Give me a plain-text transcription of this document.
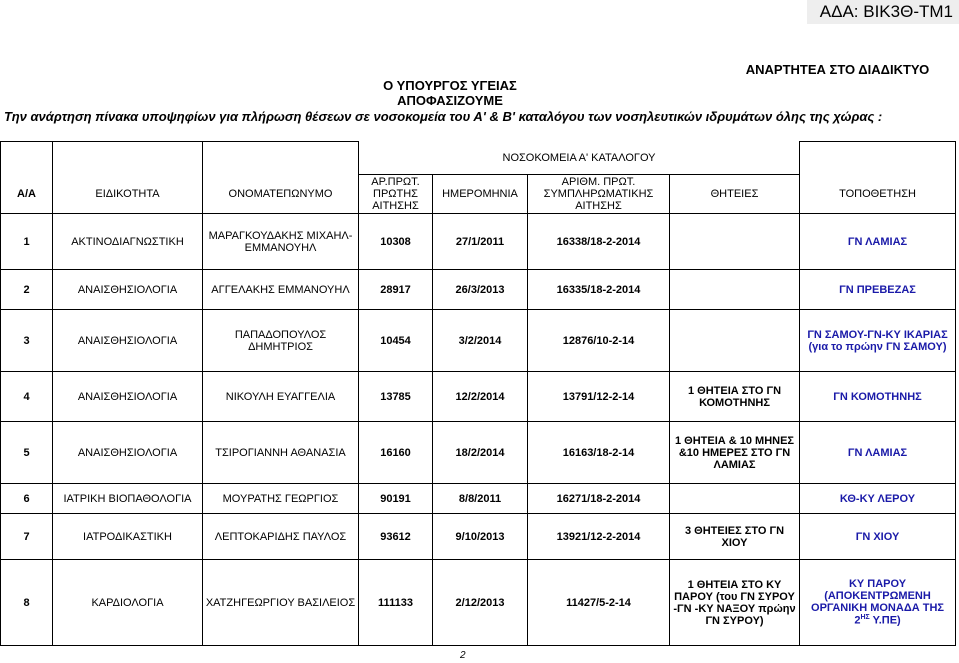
ΑΔΑ: ΒΙΚ3Θ-ΤΜ1
ΑΝΑΡΤΗΤΕΑ ΣΤΟ ΔΙΑΔΙΚΤΥΟ
Ο ΥΠΟΥΡΓΟΣ ΥΓΕΙΑΣ
ΑΠΟΦΑΣΙΖΟΥΜΕ
Την ανάρτηση πίνακα υποψηφίων για πλήρωση θέσεων σε νοσοκομεία του Α' & Β' καταλόγου των νοσηλευτικών ιδρυμάτων όλης της χώρας :
			ΝΟΣΟΚΟΜΕΙΑ Α' ΚΑΤΑΛΟΓΟΥ				
Α/Α	ΕΙΔΙΚΟΤΗΤΑ	ΟΝΟΜΑΤΕΠΩΝΥΜΟ	ΑΡ.ΠΡΩΤ. ΠΡΩΤΗΣ ΑΙΤΗΣΗΣ	ΗΜΕΡΟΜΗΝΙΑ	ΑΡΙΘΜ. ΠΡΩΤ. ΣΥΜΠΛΗΡΩΜΑΤΙΚΗΣ ΑΙΤΗΣΗΣ	ΘΗΤΕΙΕΣ	ΤΟΠΟΘΕΤΗΣΗ
1	ΑΚΤΙΝΟΔΙΑΓΝΩΣΤΙΚΗ	ΜΑΡΑΓΚΟΥΔΑΚΗΣ ΜΙΧΑΗΛ-ΕΜΜΑΝΟΥΗΛ	10308	27/1/2011	16338/18-2-2014		ΓΝ ΛΑΜΙΑΣ
2	ΑΝΑΙΣΘΗΣΙΟΛΟΓΙΑ	ΑΓΓΕΛΑΚΗΣ ΕΜΜΑΝΟΥΗΛ	28917	26/3/2013	16335/18-2-2014		ΓΝ ΠΡΕΒΕΖΑΣ
3	ΑΝΑΙΣΘΗΣΙΟΛΟΓΙΑ	ΠΑΠΑΔΟΠΟΥΛΟΣ ΔΗΜΗΤΡΙΟΣ	10454	3/2/2014	12876/10-2-14		ΓΝ ΣΑΜΟΥ-ΓΝ-ΚΥ ΙΚΑΡΙΑΣ (για το πρώην ΓΝ ΣΑΜΟΥ)
4	ΑΝΑΙΣΘΗΣΙΟΛΟΓΙΑ	ΝΙΚΟΥΛΗ ΕΥΑΓΓΕΛΙΑ	13785	12/2/2014	13791/12-2-14	1 ΘΗΤΕΙΑ ΣΤΟ ΓΝ ΚΟΜΟΤΗΝΗΣ	ΓΝ ΚΟΜΟΤΗΝΗΣ
5	ΑΝΑΙΣΘΗΣΙΟΛΟΓΙΑ	ΤΣΙΡΟΓΙΑΝΝΗ ΑΘΑΝΑΣΙΑ	16160	18/2/2014	16163/18-2-14	1 ΘΗΤΕΙΑ & 10 ΜΗΝΕΣ &10 ΗΜΕΡΕΣ ΣΤΟ ΓΝ ΛΑΜΙΑΣ	ΓΝ ΛΑΜΙΑΣ
6	ΙΑΤΡΙΚΗ ΒΙΟΠΑΘΟΛΟΓΙΑ	ΜΟΥΡΑΤΗΣ ΓΕΩΡΓΙΟΣ	90191	8/8/2011	16271/18-2-2014		ΚΘ-ΚΥ ΛΕΡΟΥ
7	ΙΑΤΡΟΔΙΚΑΣΤΙΚΗ	ΛΕΠΤΟΚΑΡΙΔΗΣ ΠΑΥΛΟΣ	93612	9/10/2013	13921/12-2-2014	3 ΘΗΤΕΙΕΣ ΣΤΟ ΓΝ ΧΙΟΥ	ΓΝ ΧΙΟΥ
8	ΚΑΡΔΙΟΛΟΓΙΑ	ΧΑΤΖΗΓΕΩΡΓΙΟΥ ΒΑΣΙΛΕΙΟΣ	111133	2/12/2013	11427/5-2-14	1 ΘΗΤΕΙΑ ΣΤΟ ΚΥ ΠΑΡΟΥ (του ΓΝ ΣΥΡΟΥ -ΓΝ -ΚΥ ΝΑΞΟΥ πρώην ΓΝ ΣΥΡΟΥ)	ΚΥ ΠΑΡΟΥ (ΑΠΟΚΕΝΤΡΩΜΕΝΗ ΟΡΓΑΝΙΚΗ ΜΟΝΑΔΑ ΤΗΣ $2^{H\Sigma}$ Υ.ΠΕ)
2
